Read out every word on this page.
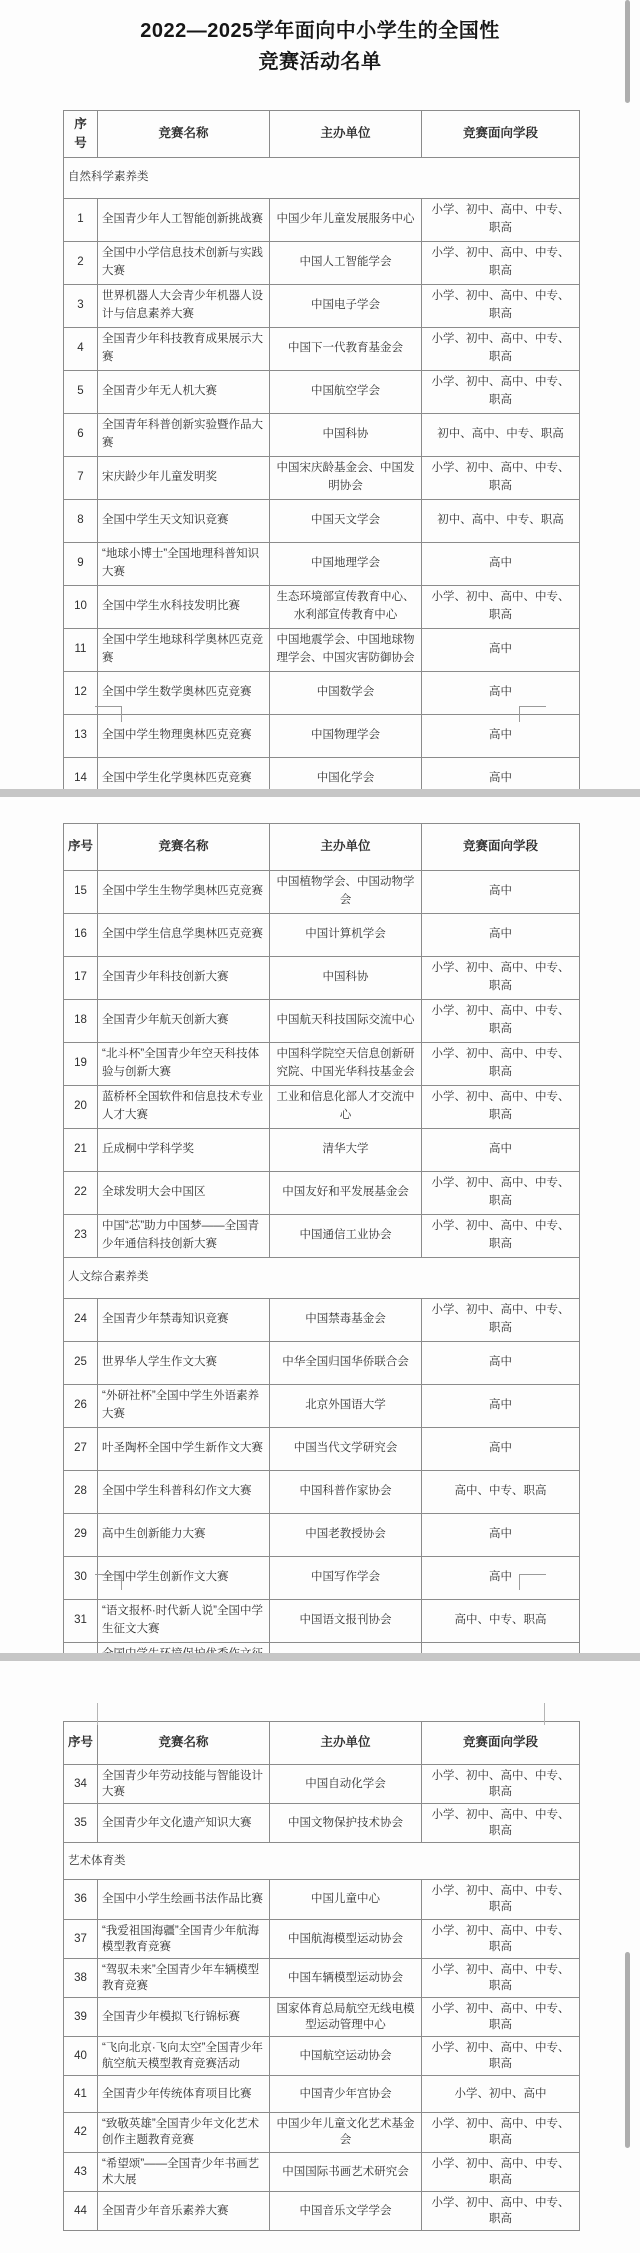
2022—2025学年面向中小学生的全国性
竞赛活动名单
序号	竞赛名称	主办单位	竞赛面向学段
自然科学素养类			
1	全国青少年人工智能创新挑战赛	中国少年儿童发展服务中心	小学、初中、高中、中专、职高
2	全国中小学信息技术创新与实践大赛	中国人工智能学会	小学、初中、高中、中专、职高
3	世界机器人大会青少年机器人设计与信息素养大赛	中国电子学会	小学、初中、高中、中专、职高
4	全国青少年科技教育成果展示大赛	中国下一代教育基金会	小学、初中、高中、中专、职高
5	全国青少年无人机大赛	中国航空学会	小学、初中、高中、中专、职高
6	全国青年科普创新实验暨作品大赛	中国科协	初中、高中、中专、职高
7	宋庆龄少年儿童发明奖	中国宋庆龄基金会、中国发明协会	小学、初中、高中、中专、职高
8	全国中学生天文知识竞赛	中国天文学会	初中、高中、中专、职高
9	“地球小博士”全国地理科普知识大赛	中国地理学会	高中
10	全国中学生水科技发明比赛	生态环境部宣传教育中心、水利部宣传教育中心	小学、初中、高中、中专、职高
11	全国中学生地球科学奥林匹克竞赛	中国地震学会、中国地球物理学会、中国灾害防御协会	高中
12	全国中学生数学奥林匹克竞赛	中国数学会	高中
13	全国中学生物理奥林匹克竞赛	中国物理学会	高中
14	全国中学生化学奥林匹克竞赛	中国化学会	高中
序号	竞赛名称	主办单位	竞赛面向学段
15	全国中学生生物学奥林匹克竞赛	中国植物学会、中国动物学会	高中
16	全国中学生信息学奥林匹克竞赛	中国计算机学会	高中
17	全国青少年科技创新大赛	中国科协	小学、初中、高中、中专、职高
18	全国青少年航天创新大赛	中国航天科技国际交流中心	小学、初中、高中、中专、职高
19	“北斗杯”全国青少年空天科技体验与创新大赛	中国科学院空天信息创新研究院、中国光华科技基金会	小学、初中、高中、中专、职高
20	蓝桥杯全国软件和信息技术专业人才大赛	工业和信息化部人才交流中心	小学、初中、高中、中专、职高
21	丘成桐中学科学奖	清华大学	高中
22	全球发明大会中国区	中国友好和平发展基金会	小学、初中、高中、中专、职高
23	中国“芯”助力中国梦——全国青少年通信科技创新大赛	中国通信工业协会	小学、初中、高中、中专、职高
人文综合素养类			
24	全国青少年禁毒知识竞赛	中国禁毒基金会	小学、初中、高中、中专、职高
25	世界华人学生作文大赛	中华全国归国华侨联合会	高中
26	“外研社杯”全国中学生外语素养大赛	北京外国语大学	高中
27	叶圣陶杯全国中学生新作文大赛	中国当代文学研究会	高中
28	全国中学生科普科幻作文大赛	中国科普作家协会	高中、中专、职高
29	高中生创新能力大赛	中国老教授协会	高中
30	全国中学生创新作文大赛	中国写作学会	高中
31	“语文报杯·时代新人说”全国中学生征文大赛	中国语文报刊协会	高中、中专、职高

序号	竞赛名称	主办单位	竞赛面向学段
34	全国青少年劳动技能与智能设计大赛	中国自动化学会	小学、初中、高中、中专、职高
35	全国青少年文化遗产知识大赛	中国文物保护技术协会	小学、初中、高中、中专、职高
艺术体育类			
36	全国中小学生绘画书法作品比赛	中国儿童中心	小学、初中、高中、中专、职高
37	“我爱祖国海疆”全国青少年航海模型教育竞赛	中国航海模型运动协会	小学、初中、高中、中专、职高
38	“驾驭未来”全国青少年车辆模型教育竞赛	中国车辆模型运动协会	小学、初中、高中、中专、职高
39	全国青少年模拟飞行锦标赛	国家体育总局航空无线电模型运动管理中心	小学、初中、高中、中专、职高
40	“飞向北京·飞向太空”全国青少年航空航天模型教育竞赛活动	中国航空运动协会	小学、初中、高中、中专、职高
41	全国青少年传统体育项目比赛	中国青少年宫协会	小学、初中、高中
42	“致敬英雄”全国青少年文化艺术创作主题教育竞赛	中国少年儿童文化艺术基金会	小学、初中、高中、中专、职高
43	“希望颂”——全国青少年书画艺术大展	中国国际书画艺术研究会	小学、初中、高中、中专、职高
44	全国青少年音乐素养大赛	中国音乐文学学会	小学、初中、高中、中专、职高
